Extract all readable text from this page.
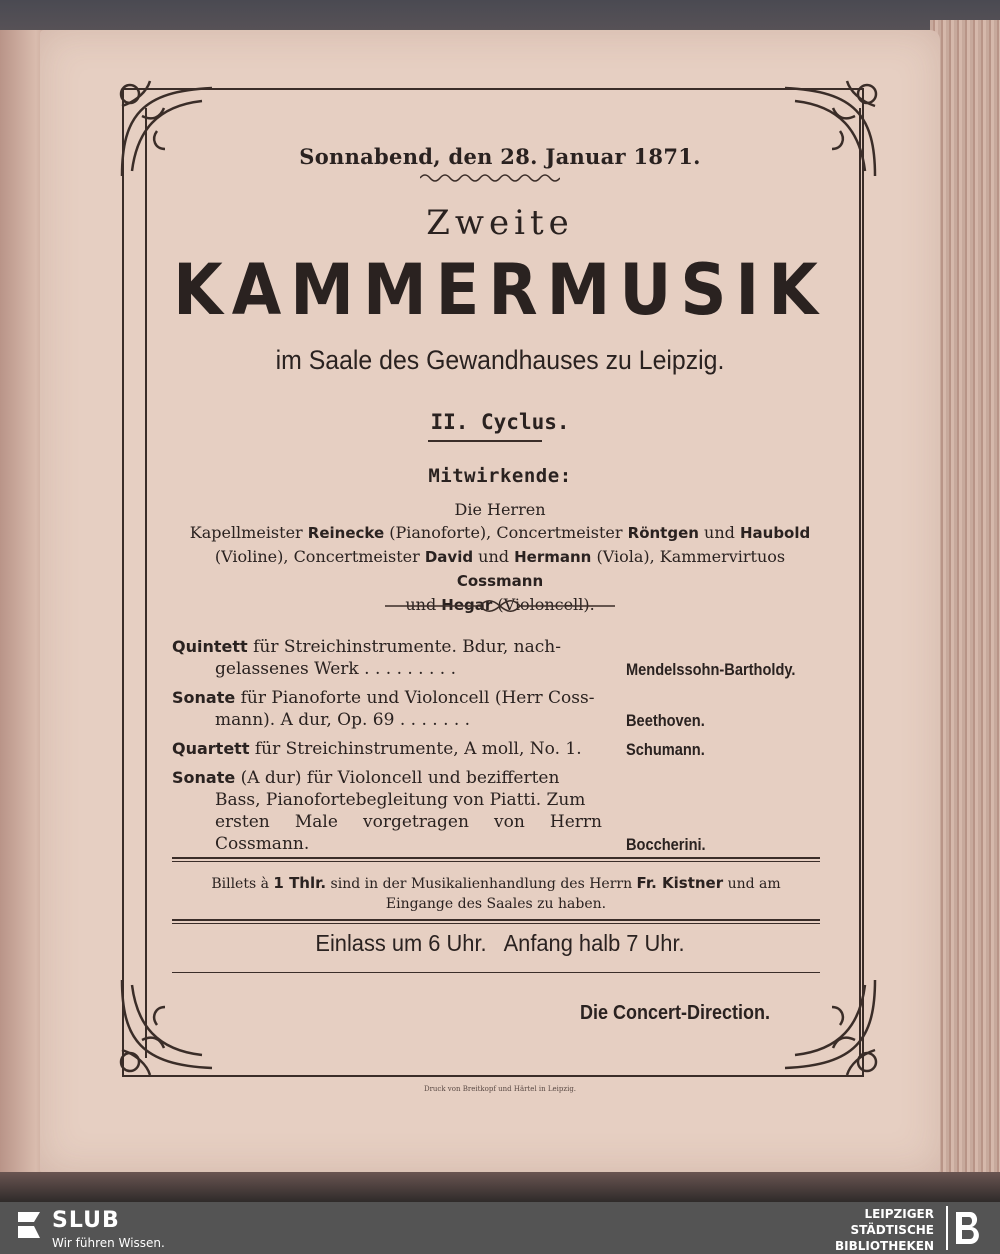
Sonnabend, den 28. Januar 1871.
Zweite
KAMMERMUSIK
im Saale des Gewandhauses zu Leipzig.
II. Cyclus.
Mitwirkende:
Die Herren
Kapellmeister Reinecke (Pianoforte), Concertmeister Röntgen und Haubold
(Violine), Concertmeister David und Hermann (Viola), Kammervirtuos Cossmann
und Hegar (Violoncell).
Quintett für Streichinstrumente. Bdur, nach-
gelassenes Werk . . . . . . . . .	Mendelssohn-Bartholdy.
Sonate für Pianoforte und Violoncell (Herr Coss-
mann). A dur, Op. 69 . . . . . . .	Beethoven.
Quartett für Streichinstrumente, A moll, No. 1.	Schumann.
Sonate (A dur) für Violoncell und bezifferten
Bass, Pianofortebegleitung von Piatti. Zum
ersten Male vorgetragen von Herrn Cossmann.	Boccherini.
Billets à 1 Thlr. sind in der Musikalienhandlung des Herrn Fr. Kistner und am
Eingange des Saales zu haben.
Einlass um 6 Uhr.   Anfang halb 7 Uhr.
Die Concert-Direction.
Druck von Breitkopf und Härtel in Leipzig.
SLUB
Wir führen Wissen.
LEIPZIGER
STÄDTISCHE
BIBLIOTHEKEN
